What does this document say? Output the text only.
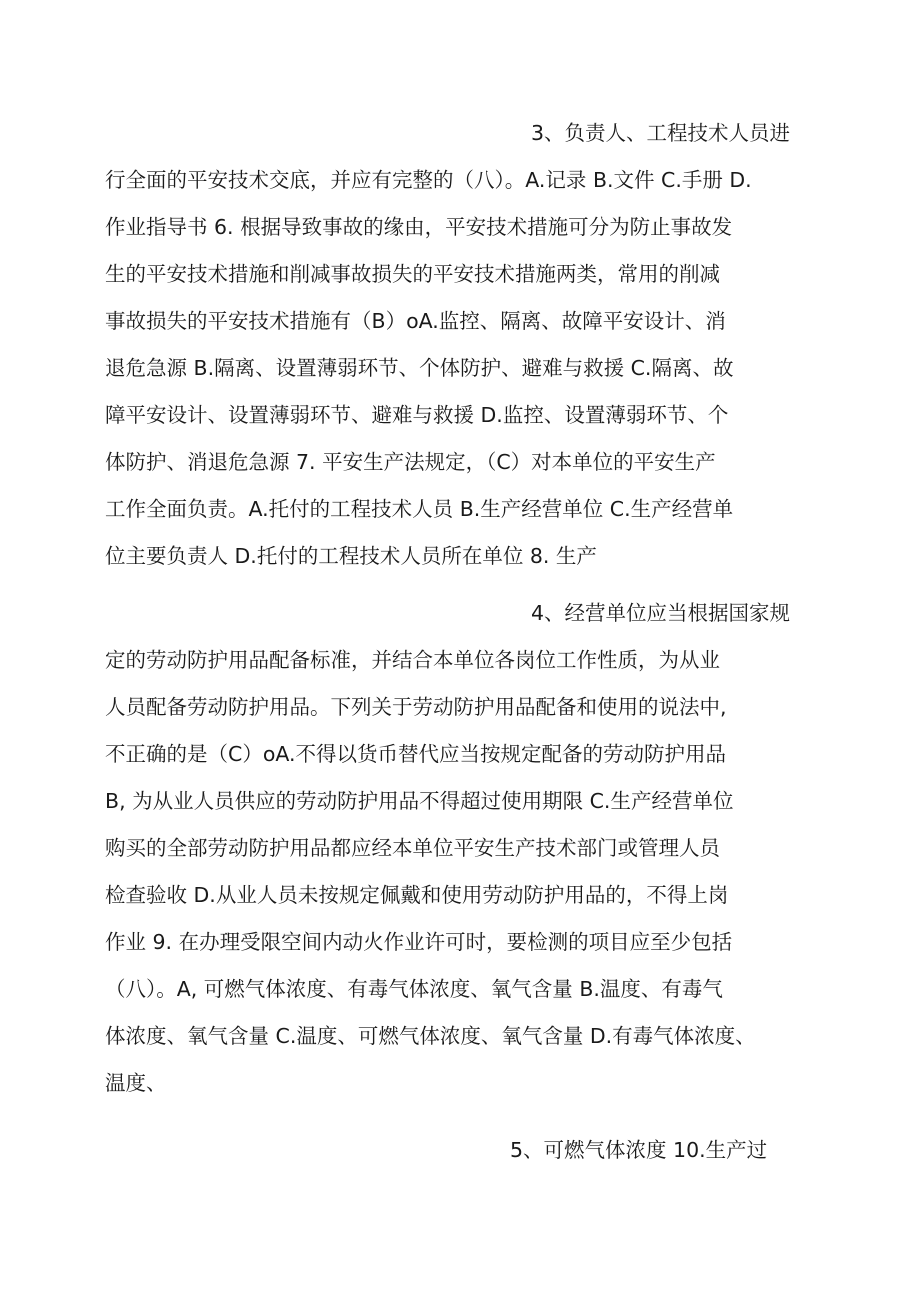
3、负责人、工程技术人员进
行全面的平安技术交底，并应有完整的（八）。A.记录 B.文件 C.手册 D.
作业指导书 6. 根据导致事故的缘由，平安技术措施可分为防止事故发
生的平安技术措施和削减事故损失的平安技术措施两类，常用的削减
事故损失的平安技术措施有（B）oA.监控、隔离、故障平安设计、消
退危急源 B.隔离、设置薄弱环节、个体防护、避难与救援 C.隔离、故
障平安设计、设置薄弱环节、避难与救援 D.监控、设置薄弱环节、个
体防护、消退危急源 7. 平安生产法规定，（C）对本单位的平安生产
工作全面负责。A.托付的工程技术人员 B.生产经营单位 C.生产经营单
位主要负责人 D.托付的工程技术人员所在单位 8. 生产
4、经营单位应当根据国家规
定的劳动防护用品配备标准，并结合本单位各岗位工作性质，为从业
人员配备劳动防护用品。下列关于劳动防护用品配备和使用的说法中,
不正确的是（C）oA.不得以货币替代应当按规定配备的劳动防护用品
B, 为从业人员供应的劳动防护用品不得超过使用期限 C.生产经营单位
购买的全部劳动防护用品都应经本单位平安生产技术部门或管理人员
检查验收 D.从业人员未按规定佩戴和使用劳动防护用品的，不得上岗
作业 9. 在办理受限空间内动火作业许可时，要检测的项目应至少包括
（八）。A, 可燃气体浓度、有毒气体浓度、氧气含量 B.温度、有毒气
体浓度、氧气含量 C.温度、可燃气体浓度、氧气含量 D.有毒气体浓度、
温度、
5、可燃气体浓度 10.生产过
